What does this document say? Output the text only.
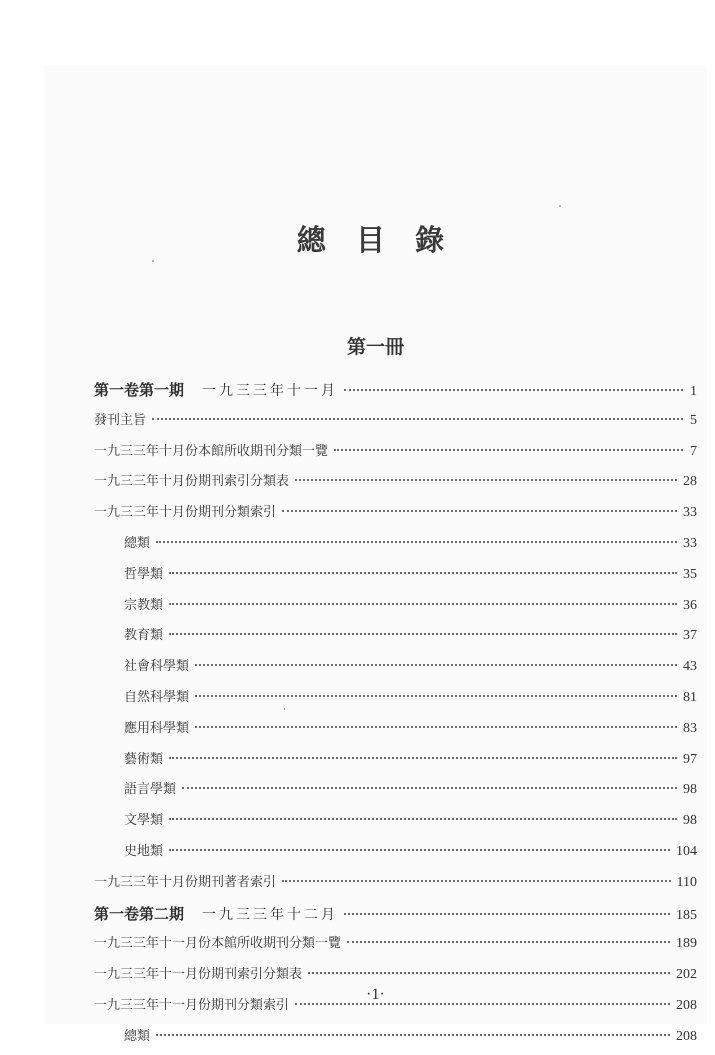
總 目 錄
第一冊
第一卷第一期 一九三三年十一月	1
發刊主旨	5
一九三三年十月份本館所收期刊分類一覽	7
一九三三年十月份期刊索引分類表	28
一九三三年十月份期刊分類索引	33
總類	33
哲學類	35
宗教類	36
教育類	37
社會科學類	43
自然科學類	81
應用科學類	83
藝術類	97
語言學類	98
文學類	98
史地類	104
一九三三年十月份期刊著者索引	110
第一卷第二期 一九三三年十二月	185
一九三三年十一月份本館所收期刊分類一覽	189
一九三三年十一月份期刊索引分類表	202
一九三三年十一月份期刊分類索引	208
總類	208
·1·
